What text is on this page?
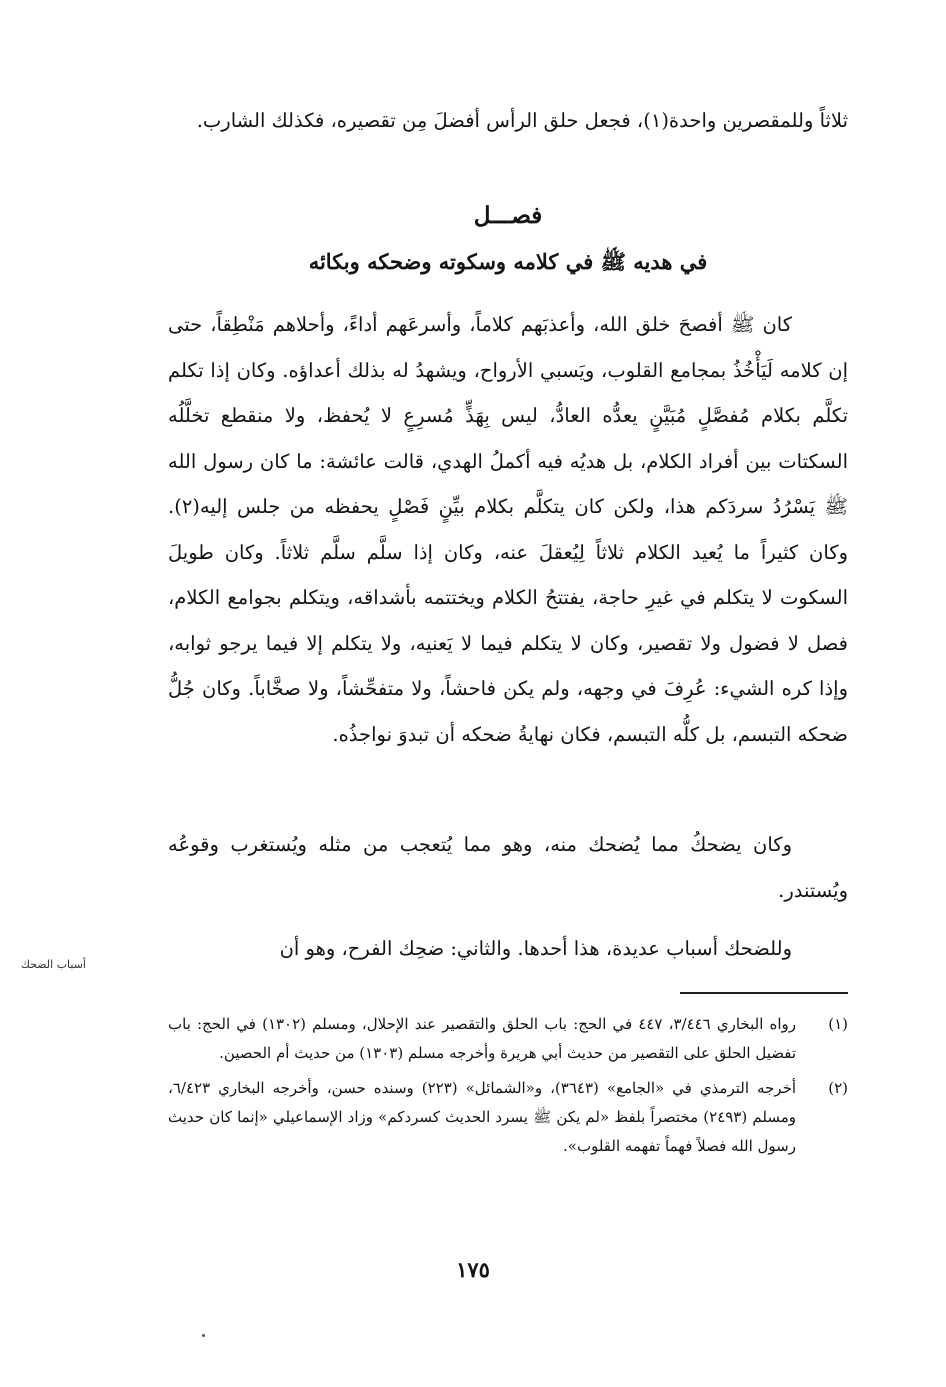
ثلاثاً وللمقصرين واحدة(١)، فجعل حلق الرأس أفضلَ مِن تقصيره، فكذلك الشارب.

فصـــل
في هديه ﷺ في كلامه وسكوته وضحكه وبكائه

كان ﷺ أفصحَ خلق الله، وأعذبَهم كلاماً، وأسرعَهم أداءً، وأحلاهم مَنْطِقاً، حتى إن كلامه لَيَأْخُذُ بمجامع القلوب، ويَسبي الأرواح، ويشهدُ له بذلك أعداؤه. وكان إذا تكلم تكلَّم بكلام مُفصَّلٍ مُبَيَّنٍ يعدُّه العادُّ، ليس بِهَذٍّ مُسرِعٍ لا يُحفظ، ولا منقطع تخلَّلُه السكتات بين أفراد الكلام، بل هديُه فيه أكملُ الهدي، قالت عائشة: ما كان رسول الله ﷺ يَسْرُدُ سردَكم هذا، ولكن كان يتكلَّم بكلام بيِّنٍ فَصْلٍ يحفظه من جلس إليه(٢). وكان كثيراً ما يُعيد الكلام ثلاثاً لِيُعقلَ عنه، وكان إذا سلَّم سلَّم ثلاثاً. وكان طويلَ السكوت لا يتكلم في غيرِ حاجة، يفتتحُ الكلام ويختتمه بأشداقه، ويتكلم بجوامع الكلام، فصل لا فضول ولا تقصير، وكان لا يتكلم فيما لا يَعنيه، ولا يتكلم إلا فيما يرجو ثوابه، وإذا كره الشيء: عُرِفَ في وجهه، ولم يكن فاحشاً، ولا متفحِّشاً، ولا صخَّاباً. وكان جُلُّ ضحكه التبسم، بل كلُّه التبسم، فكان نهايةُ ضحكه أن تبدوَ نواجذُه.

وكان يضحكُ مما يُضحك منه، وهو مما يُتعجب من مثله ويُستغرب وقوعُه ويُستندر.

وللضحك أسباب عديدة، هذا أحدها. والثاني: ضحِك الفرح، وهو أن

أسباب الضحك
(١)

رواه البخاري ٣/٤٤٦، ٤٤٧ في الحج: باب الحلق والتقصير عند الإحلال، ومسلم (١٣٠٢) في الحج: باب تفضيل الحلق على التقصير من حديث أبي هريرة وأخرجه مسلم (١٣٠٣) من حديث أم الحصين.

(٢)

أخرجه الترمذي في «الجامع» (٣٦٤٣)، و«الشمائل» (٢٢٣) وسنده حسن، وأخرجه البخاري ٦/٤٢٣، ومسلم (٢٤٩٣) مختصراً بلفظ «لم يكن ﷺ يسرد الحديث كسردكم» وزاد الإسماعيلي «إنما كان حديث رسول الله فصلاً فهماً تفهمه القلوب».

١٧٥
